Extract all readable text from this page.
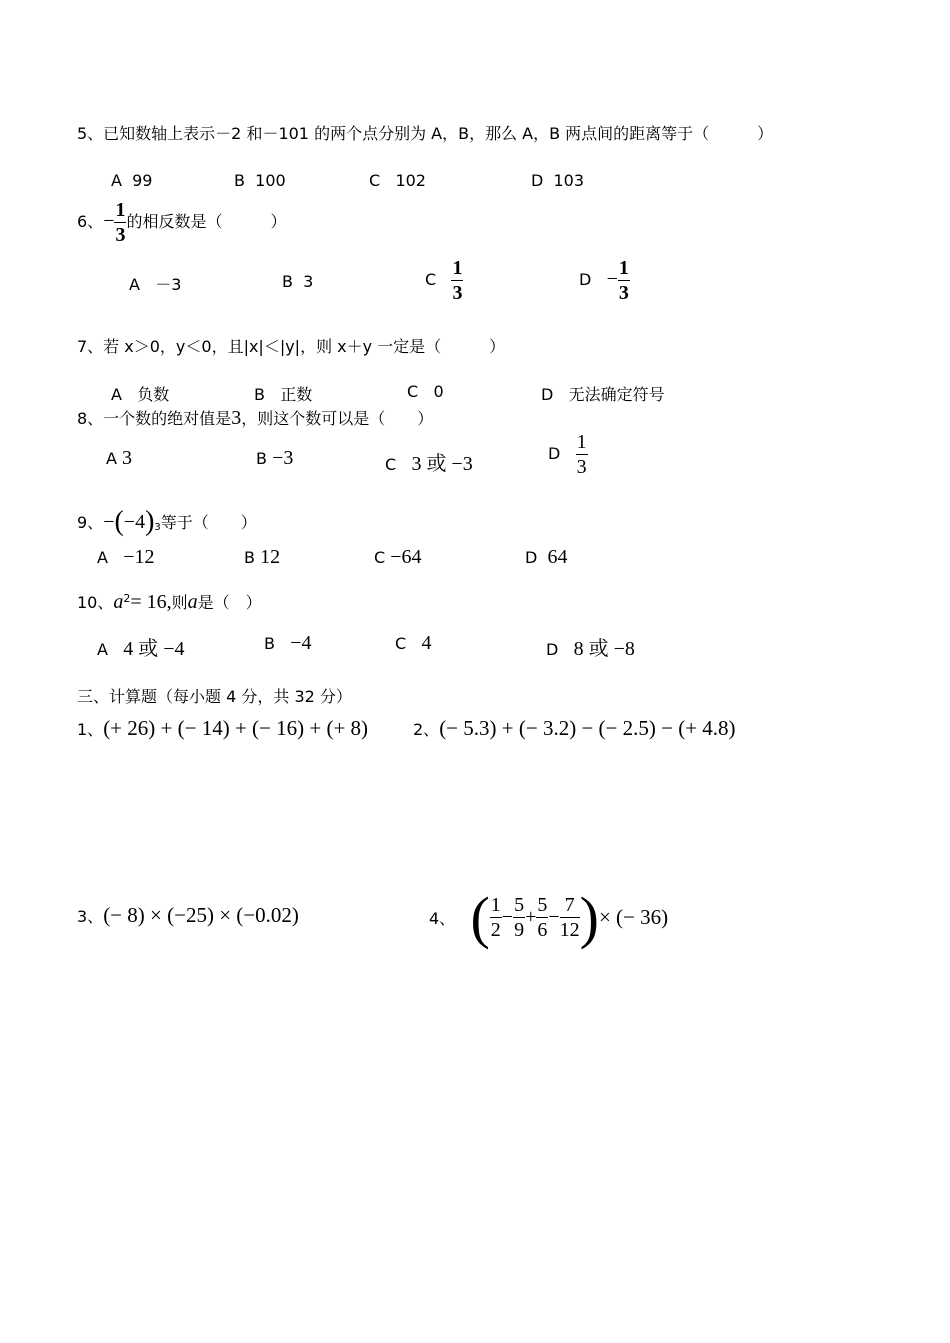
5、已知数轴上表示－2 和－101 的两个点分别为 A，B，那么 A，B 两点间的距离等于（　　　）
A 99	B 100	C 102	D 103
6、− $\frac{1}{3}$ 的相反数是（　　　）
A －3	B 3	C $\frac{1}{3}$	$D - \frac{1}{3}$
7、若 x＞0，y＜0，且|x|＜|y|，则 x＋y 一定是（　　　）
A 负数	B 正数	C 0	D 无法确定符号
8、一个数的绝对值是3，则这个数可以是（　　）
A 3	B −3	C 3 或 −3	D $\frac{1}{3}$
9、−(−4)3等于（　　）
A −12	B 12	C −64	D 64
10、$a^2= 16$,则a是（　）
A 4 或 −4	B −4	C 4	D 8 或 −8
三、计算题（每小题 4 分，共 32 分）
1、(+ 26) + (− 14) + (− 16) + (+ 8)	2、(− 5.3) + (− 3.2) − (− 2.5) − (+ 4.8)
3、(− 8) × (−25) × (−0.02)	4、 ( $\frac{1}{2} - \frac{5}{9} + \frac{5}{6} - \frac{7}{12}$ )× (− 36)
